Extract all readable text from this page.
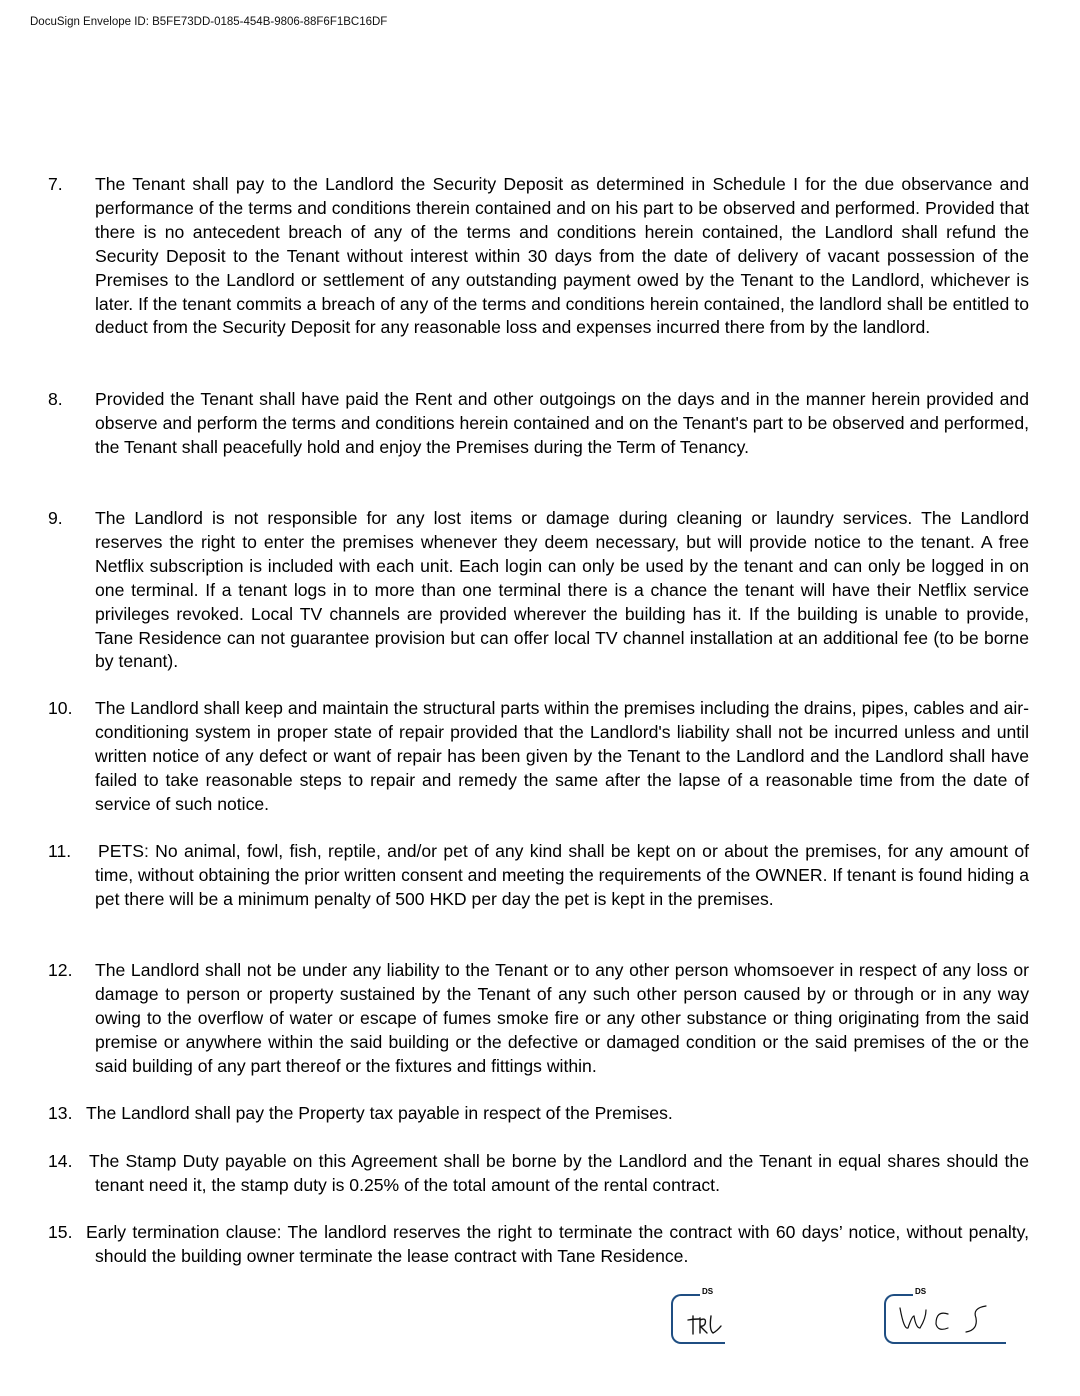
DocuSign Envelope ID: B5FE73DD-0185-454B-9806-88F6F1BC16DF
7. The Tenant shall pay to the Landlord the Security Deposit as determined in Schedule I for the due observance and performance of the terms and conditions therein contained and on his part to be observed and performed. Provided that there is no antecedent breach of any of the terms and conditions herein contained, the Landlord shall refund the Security Deposit to the Tenant without interest within 30 days from the date of delivery of vacant possession of the Premises to the Landlord or settlement of any outstanding payment owed by the Tenant to the Landlord, whichever is later. If the tenant commits a breach of any of the terms and conditions herein contained, the landlord shall be entitled to deduct from the Security Deposit for any reasonable loss and expenses incurred there from by the landlord.
8. Provided the Tenant shall have paid the Rent and other outgoings on the days and in the manner herein provided and observe and perform the terms and conditions herein contained and on the Tenant's part to be observed and performed, the Tenant shall peacefully hold and enjoy the Premises during the Term of Tenancy.
9. The Landlord is not responsible for any lost items or damage during cleaning or laundry services. The Landlord reserves the right to enter the premises whenever they deem necessary, but will provide notice to the tenant. A free Netflix subscription is included with each unit. Each login can only be used by the tenant and can only be logged in on one terminal. If a tenant logs in to more than one terminal there is a chance the tenant will have their Netflix service privileges revoked. Local TV channels are provided wherever the building has it. If the building is unable to provide, Tane Residence can not guarantee provision but can offer local TV channel installation at an additional fee (to be borne by tenant).
10. The Landlord shall keep and maintain the structural parts within the premises including the drains, pipes, cables and air-conditioning system in proper state of repair provided that the Landlord's liability shall not be incurred unless and until written notice of any defect or want of repair has been given by the Tenant to the Landlord and the Landlord shall have failed to take reasonable steps to repair and remedy the same after the lapse of a reasonable time from the date of service of such notice.
11. PETS: No animal, fowl, fish, reptile, and/or pet of any kind shall be kept on or about the premises, for any amount of time, without obtaining the prior written consent and meeting the requirements of the OWNER. If tenant is found hiding a pet there will be a minimum penalty of 500 HKD per day the pet is kept in the premises.
12. The Landlord shall not be under any liability to the Tenant or to any other person whomsoever in respect of any loss or damage to person or property sustained by the Tenant of any such other person caused by or through or in any way owing to the overflow of water or escape of fumes smoke fire or any other substance or thing originating from the said premise or anywhere within the said building or the defective or damaged condition or the said premises of the or the said building of any part thereof or the fixtures and fittings within.
13. The Landlord shall pay the Property tax payable in respect of the Premises.
14. The Stamp Duty payable on this Agreement shall be borne by the Landlord and the Tenant in equal shares should the tenant need it, the stamp duty is 0.25% of the total amount of the rental contract.
15. Early termination clause: The landlord reserves the right to terminate the contract with 60 days’ notice, without penalty, should the building owner terminate the lease contract with Tane Residence.
DS	DS
